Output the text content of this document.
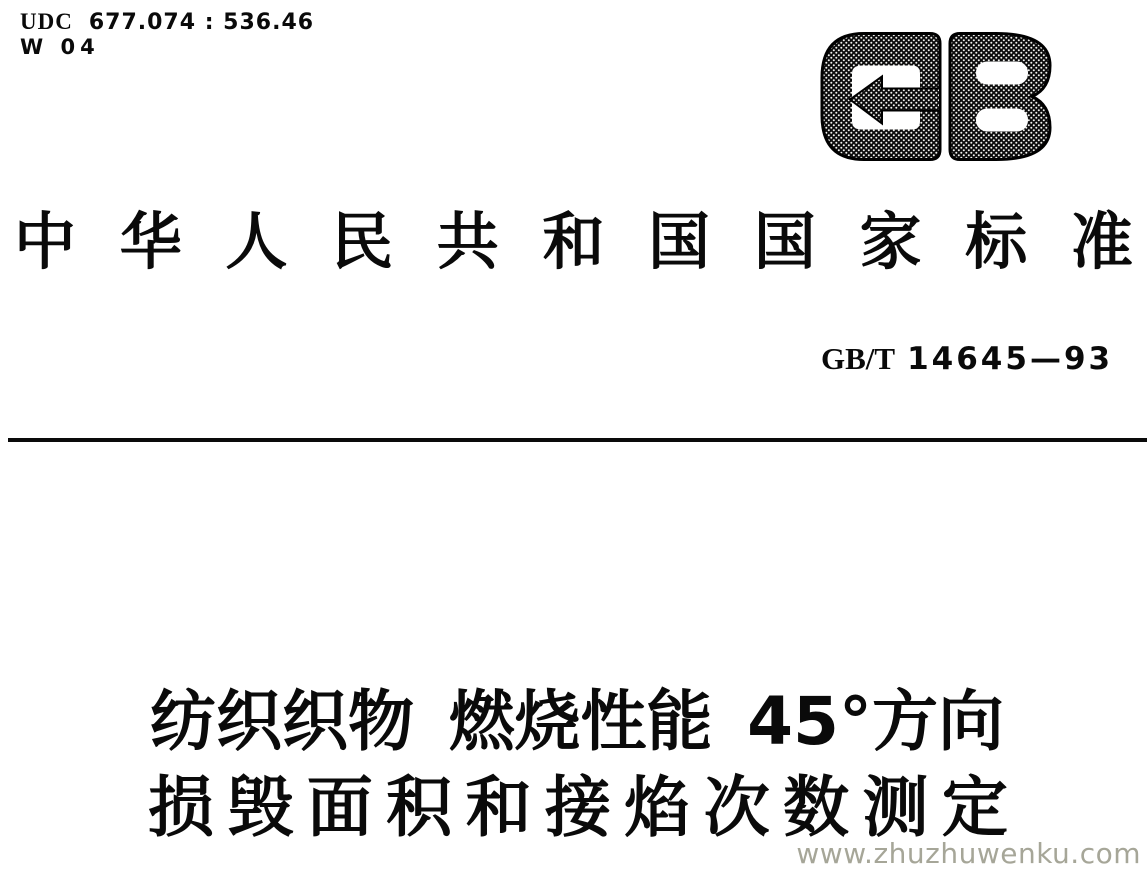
UDC 677.074 : 536.46
W 04
中 华 人 民 共 和 国 国 家 标 准
GB/T 14645—93
纺织织物 燃烧性能 45°方向
损 毁 面 积 和 接 焰 次 数 测 定
www.zhuzhuwenku.com
